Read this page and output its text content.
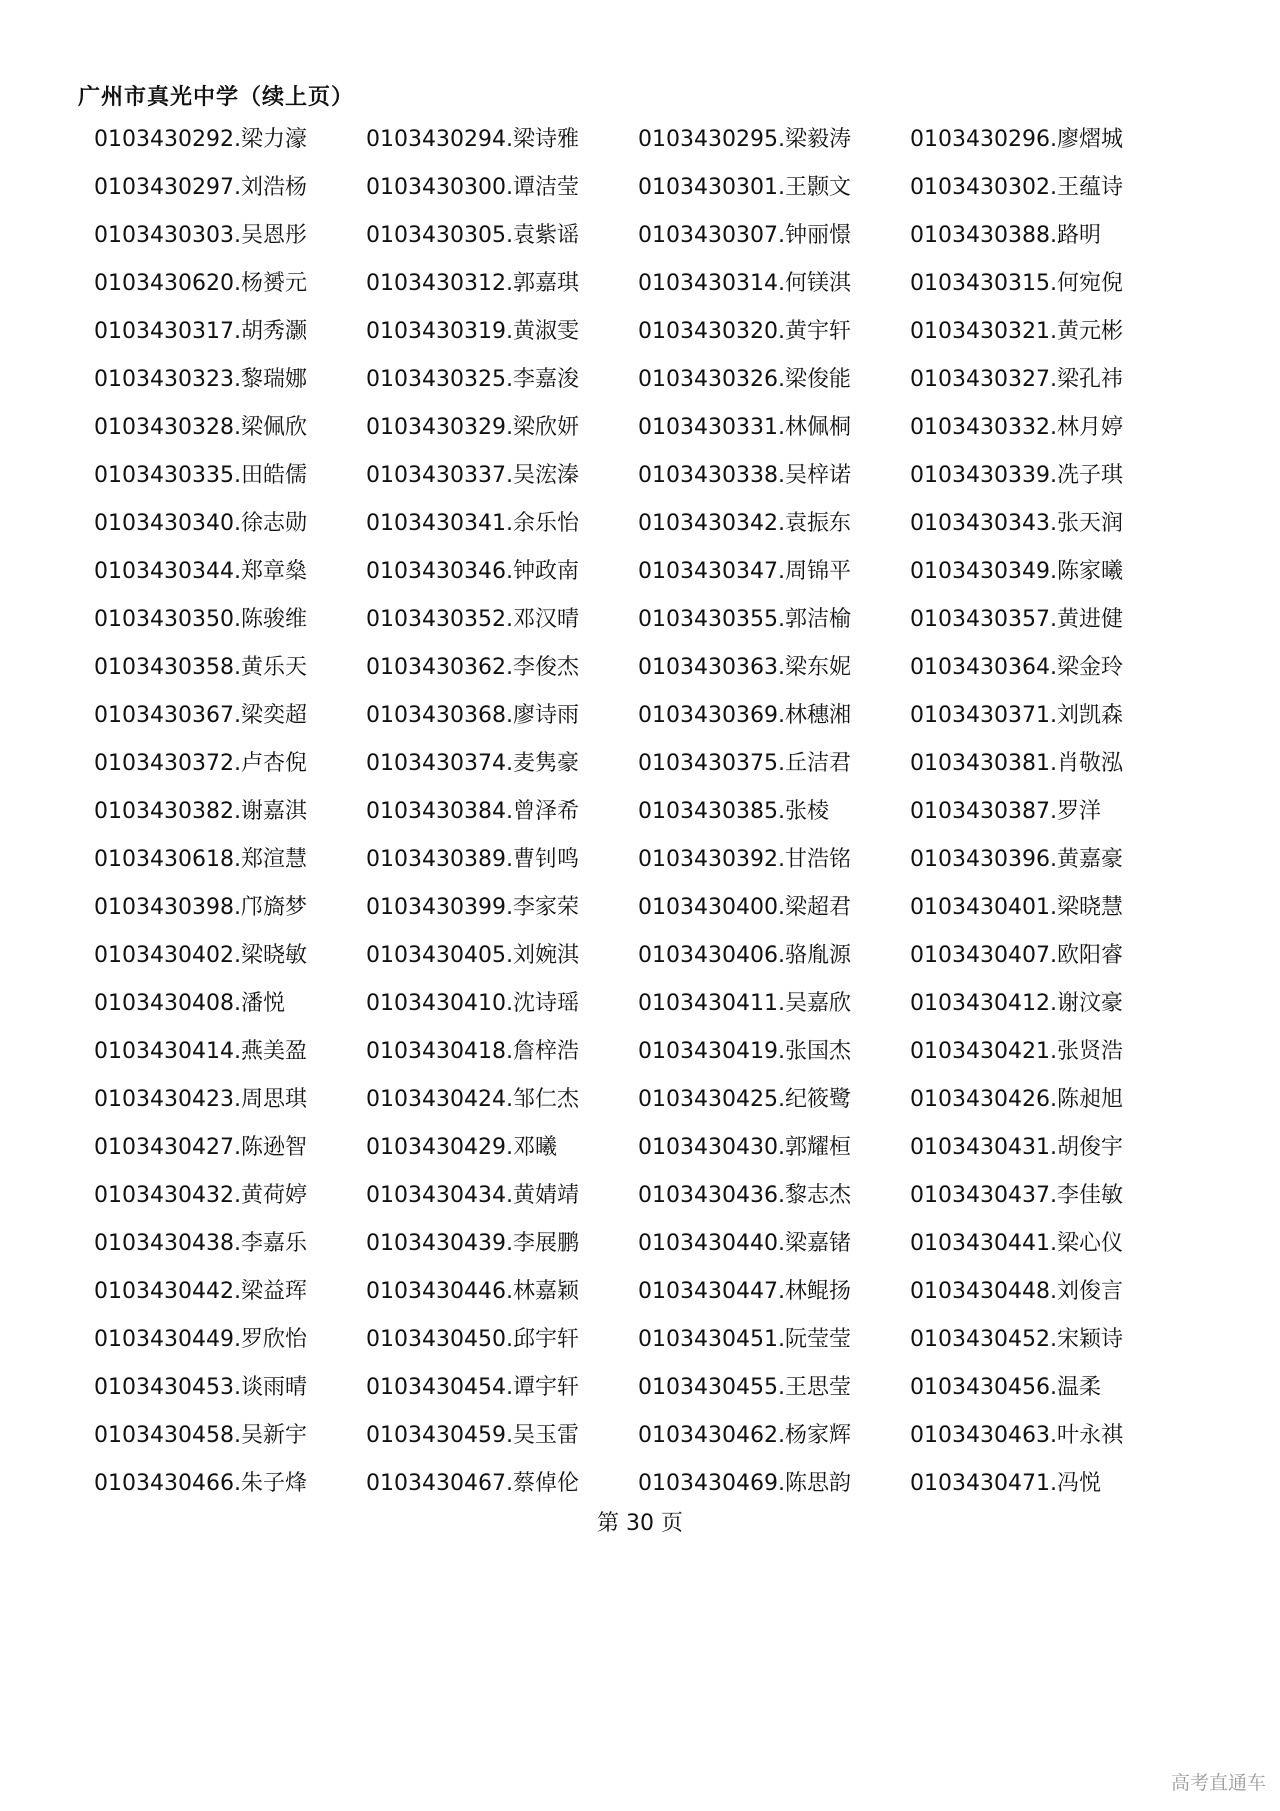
广州市真光中学（续上页）
0103430292.梁力濠	0103430294.梁诗雅	0103430295.梁毅涛	0103430296.廖熠城
0103430297.刘浩杨	0103430300.谭洁莹	0103430301.王颢文	0103430302.王蕴诗
0103430303.吴恩彤	0103430305.袁紫谣	0103430307.钟丽憬	0103430388.路明
0103430620.杨赟元	0103430312.郭嘉琪	0103430314.何镁淇	0103430315.何宛倪
0103430317.胡秀灏	0103430319.黄淑雯	0103430320.黄宇轩	0103430321.黄元彬
0103430323.黎瑞娜	0103430325.李嘉浚	0103430326.梁俊能	0103430327.梁孔祎
0103430328.梁佩欣	0103430329.梁欣妍	0103430331.林佩桐	0103430332.林月婷
0103430335.田皓儒	0103430337.吴浤溱	0103430338.吴梓诺	0103430339.冼子琪
0103430340.徐志勋	0103430341.余乐怡	0103430342.袁振东	0103430343.张天润
0103430344.郑章燊	0103430346.钟政南	0103430347.周锦平	0103430349.陈家曦
0103430350.陈骏维	0103430352.邓汉晴	0103430355.郭洁榆	0103430357.黄进健
0103430358.黄乐天	0103430362.李俊杰	0103430363.梁东妮	0103430364.梁金玲
0103430367.梁奕超	0103430368.廖诗雨	0103430369.林穗湘	0103430371.刘凯森
0103430372.卢杏倪	0103430374.麦隽豪	0103430375.丘洁君	0103430381.肖敬泓
0103430382.谢嘉淇	0103430384.曾泽希	0103430385.张棱	0103430387.罗洋
0103430618.郑渲慧	0103430389.曹钊鸣	0103430392.甘浩铭	0103430396.黄嘉豪
0103430398.邝旖梦	0103430399.李家荣	0103430400.梁超君	0103430401.梁晓慧
0103430402.梁晓敏	0103430405.刘婉淇	0103430406.骆胤源	0103430407.欧阳睿
0103430408.潘悦	0103430410.沈诗瑶	0103430411.吴嘉欣	0103430412.谢汶豪
0103430414.燕美盈	0103430418.詹梓浩	0103430419.张国杰	0103430421.张贤浩
0103430423.周思琪	0103430424.邹仁杰	0103430425.纪筱鹭	0103430426.陈昶旭
0103430427.陈逊智	0103430429.邓曦	0103430430.郭耀桓	0103430431.胡俊宇
0103430432.黄荷婷	0103430434.黄婧靖	0103430436.黎志杰	0103430437.李佳敏
0103430438.李嘉乐	0103430439.李展鹏	0103430440.梁嘉锗	0103430441.梁心仪
0103430442.梁益珲	0103430446.林嘉颖	0103430447.林鲲扬	0103430448.刘俊言
0103430449.罗欣怡	0103430450.邱宇轩	0103430451.阮莹莹	0103430452.宋颖诗
0103430453.谈雨晴	0103430454.谭宇轩	0103430455.王思莹	0103430456.温柔
0103430458.吴新宇	0103430459.吴玉雷	0103430462.杨家辉	0103430463.叶永祺
0103430466.朱子烽	0103430467.蔡倬伦	0103430469.陈思韵	0103430471.冯悦
第 30 页
高考直通车
